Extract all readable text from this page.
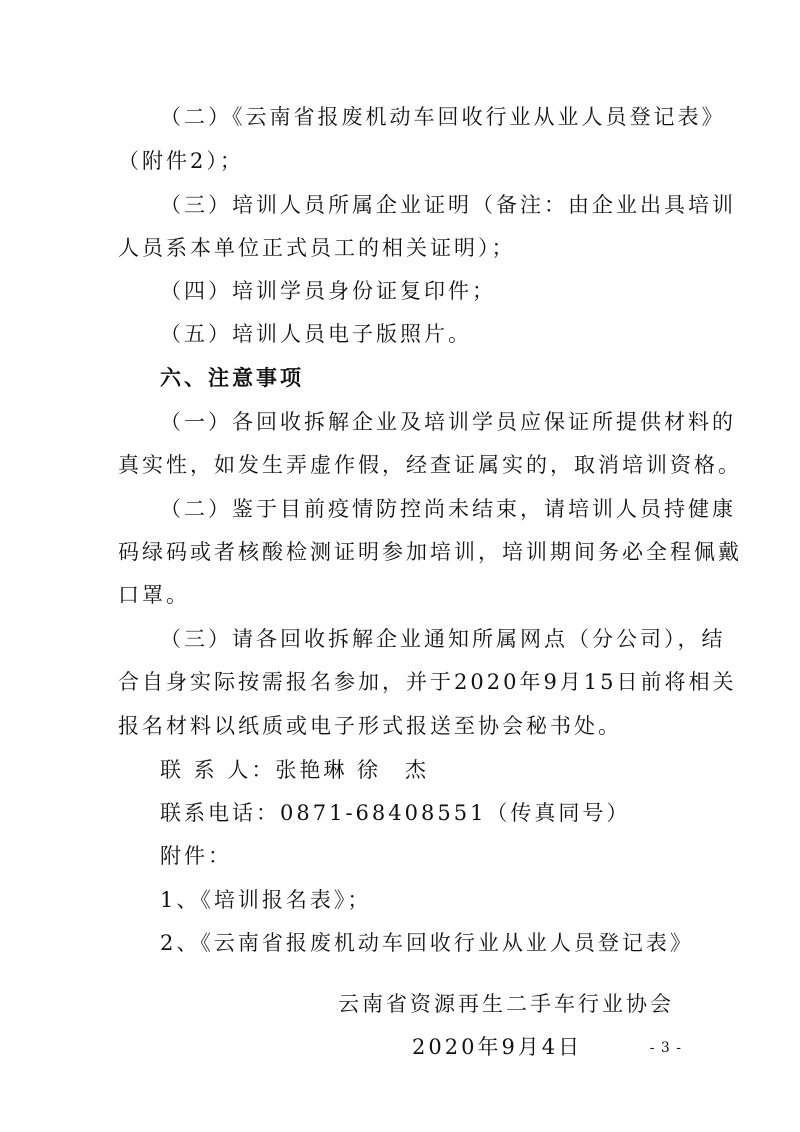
（二）《云南省报废机动车回收行业从业人员登记表》
（附件2）；
（三）培训人员所属企业证明（备注：由企业出具培训
人员系本单位正式员工的相关证明）；
（四）培训学员身份证复印件；
（五）培训人员电子版照片。
六、注意事项
（一）各回收拆解企业及培训学员应保证所提供材料的
真实性，如发生弄虚作假，经查证属实的，取消培训资格。
（二）鉴于目前疫情防控尚未结束，请培训人员持健康
码绿码或者核酸检测证明参加培训，培训期间务必全程佩戴
口罩。
（三）请各回收拆解企业通知所属网点（分公司），结
合自身实际按需报名参加，并于2020年9月15日前将相关
报名材料以纸质或电子形式报送至协会秘书处。
联 系 人：张艳琳 徐　杰
联系电话：0871-68408551（传真同号）
附件：
1、《培训报名表》；
2、《云南省报废机动车回收行业从业人员登记表》
云南省资源再生二手车行业协会
2020年9月4日	- 3 -
